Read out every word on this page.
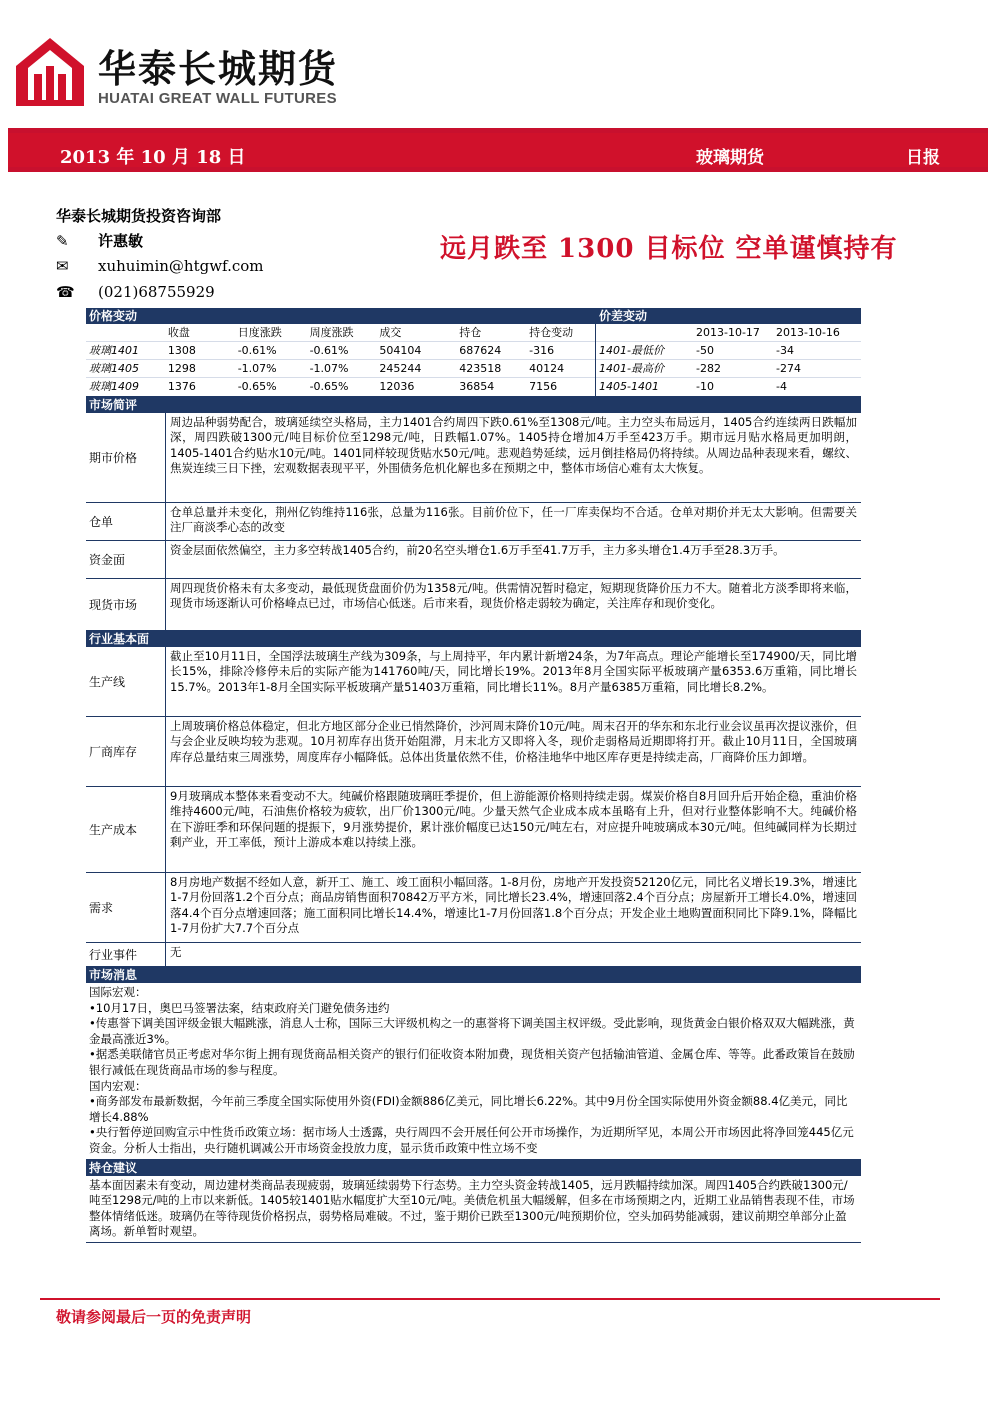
华泰长城期货
HUATAI GREAT WALL FUTURES
2013 年 10 月 18 日	玻璃期货	日报
华泰长城期货投资咨询部
✎	许惠敏
✉	xuhuimin@htgwf.com
☎ (021)68755929
远月跌至 1300 目标位 空单谨慎持有
价格变动
收盘	日度涨跌	周度涨跌	成交	持仓	持仓变动
玻璃1401	1308	-0.61%	-0.61%	504104	687624	-316
玻璃1405	1298	-1.07%	-1.07%	245244	423518	40124
玻璃1409	1376	-0.65%	-0.65%	12036	36854	7156
价差变动
2013-10-17	2013-10-16
1401-最低价	-50	-34
1401-最高价	-282	-274
1405-1401	-10	-4
市场简评
期市价格
周边品种弱势配合，玻璃延续空头格局，主力1401合约周四下跌0.61%至1308元/吨。主力空头布局远月，1405合约连续两日跌幅加深，周四跌破1300元/吨目标价位至1298元/吨，日跌幅1.07%。1405持仓增加4万手至423万手。期市远月贴水格局更加明朗，1405-1401合约贴水10元/吨。1401同样较现货贴水50元/吨。悲观趋势延续，远月倒挂格局仍将持续。从周边品种表现来看，螺纹、焦炭连续三日下挫，宏观数据表现平平，外围债务危机化解也多在预期之中，整体市场信心难有太大恢复。
仓单
仓单总量并未变化，荆州亿钧维持116张，总量为116张。目前价位下，任一厂库卖保均不合适。仓单对期价并无太大影响。但需要关注厂商淡季心态的改变
资金面
资金层面依然偏空，主力多空转战1405合约，前20名空头增仓1.6万手至41.7万手，主力多头增仓1.4万手至28.3万手。
现货市场
周四现货价格未有太多变动，最低现货盘面价仍为1358元/吨。供需情况暂时稳定，短期现货降价压力不大。随着北方淡季即将来临，现货市场逐渐认可价格峰点已过，市场信心低迷。后市来看，现货价格走弱较为确定，关注库存和现价变化。
行业基本面
生产线
截止至10月11日，全国浮法玻璃生产线为309条，与上周持平，年内累计新增24条，为7年高点。理论产能增长至174900/天，同比增长15%，排除冷修停未后的实际产能为141760吨/天，同比增长19%。2013年8月全国实际平板玻璃产量6353.6万重箱，同比增长15.7%。2013年1-8月全国实际平板玻璃产量51403万重箱，同比增长11%。8月产量6385万重箱，同比增长8.2%。
厂商库存
上周玻璃价格总体稳定，但北方地区部分企业已悄然降价，沙河周末降价10元/吨。周末召开的华东和东北行业会议虽再次提议涨价，但与会企业反映均较为悲观。10月初库存出货开始阻滞，月末北方又即将入冬，现价走弱格局近期即将打开。截止10月11日，全国玻璃库存总量结束三周涨势，周度库存小幅降低。总体出货量依然不佳，价格洼地华中地区库存更是持续走高，厂商降价压力卸增。
生产成本
9月玻璃成本整体来看变动不大。纯碱价格跟随玻璃旺季提价，但上游能源价格则持续走弱。煤炭价格自8月回升后开始企稳，重油价格维持4600元/吨，石油焦价格较为疲软，出厂价1300元/吨。少量天然气企业成本成本虽略有上升，但对行业整体影响不大。纯碱价格在下游旺季和环保问题的提振下，9月涨势提价，累计涨价幅度已达150元/吨左右，对应提升吨玻璃成本30元/吨。但纯碱同样为长期过剩产业，开工率低，预计上游成本难以持续上涨。
需求
8月房地产数据不经如人意，新开工、施工、竣工面积小幅回落。1-8月份，房地产开发投资52120亿元，同比名义增长19.3%，增速比1-7月份回落1.2个百分点；商品房销售面积70842万平方米，同比增长23.4%，增速回落2.4个百分点；房屋新开工增长4.0%，增速回落4.4个百分点增速回落；施工面积同比增长14.4%，增速比1-7月份回落1.8个百分点；开发企业土地购置面积同比下降9.1%，降幅比1-7月份扩大7.7个百分点
行业事件	无
市场消息

国际宏观：

•10月17日，奥巴马签署法案，结束政府关门避免债务违约

•传惠誉下调美国评级金银大幅跳涨，消息人士称，国际三大评级机构之一的惠誉将下调美国主权评级。受此影响，现货黄金白银价格双双大幅跳涨，黄金最高涨近3%。

•据悉美联储官员正考虑对华尔街上拥有现货商品相关资产的银行们征收资本附加费，现货相关资产包括输油管道、金属仓库、等等。此番政策旨在鼓励银行减低在现货商品市场的参与程度。

国内宏观：

•商务部发布最新数据，今年前三季度全国实际使用外资(FDI)金额886亿美元，同比增长6.22%。其中9月份全国实际使用外资金额88.4亿美元，同比增长4.88%

•央行暂停逆回购宣示中性货币政策立场：据市场人士透露，央行周四不会开展任何公开市场操作，为近期所罕见，本周公开市场因此将净回笼445亿元资金。分析人士指出，央行随机调减公开市场资金投放力度，显示货币政策中性立场不变

持仓建议
基本面因素未有变动，周边建材类商品表现疲弱，玻璃延续弱势下行态势。主力空头资金转战1405，远月跌幅持续加深。周四1405合约跌破1300元/吨至1298元/吨的上市以来新低。1405较1401贴水幅度扩大至10元/吨。美债危机虽大幅缓解，但多在市场预期之内，近期工业品销售表现不佳，市场整体情绪低迷。玻璃仍在等待现货价格拐点，弱势格局难破。不过，鉴于期价已跌至1300元/吨预期价位，空头加码势能减弱，建议前期空单部分止盈离场。新单暂时观望。
敬请参阅最后一页的免责声明
